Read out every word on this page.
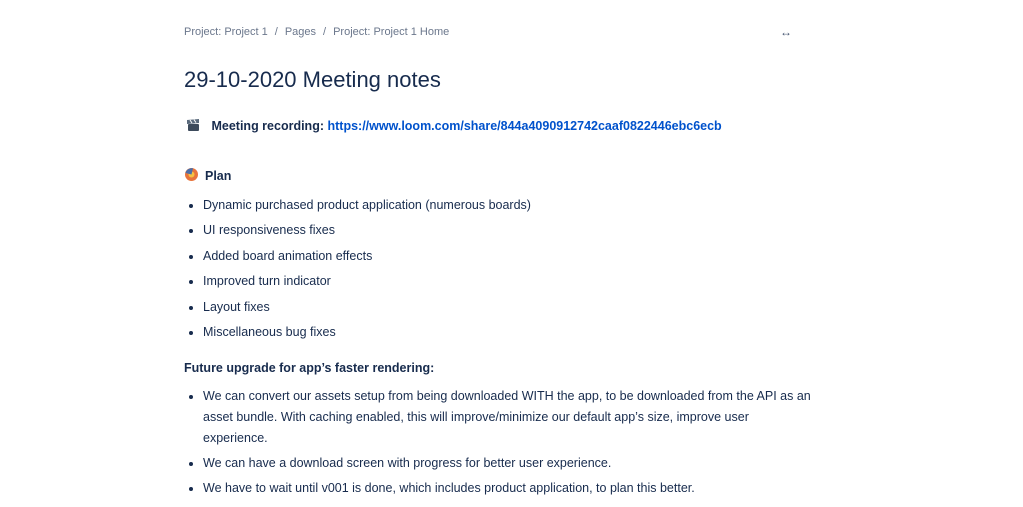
Project: Project 1 / Pages / Project: Project 1 Home
29-10-2020 Meeting notes
Meeting recording: https://www.loom.com/share/844a4090912742caaf0822446ebc6ecb
Plan
Dynamic purchased product application (numerous boards)
UI responsiveness fixes
Added board animation effects
Improved turn indicator
Layout fixes
Miscellaneous bug fixes
Future upgrade for app’s faster rendering:
We can convert our assets setup from being downloaded WITH the app, to be downloaded from the API as an asset bundle. With caching enabled, this will improve/minimize our default app’s size, improve user experience.
We can have a download screen with progress for better user experience.
We have to wait until v001 is done, which includes product application, to plan this better.
↔
